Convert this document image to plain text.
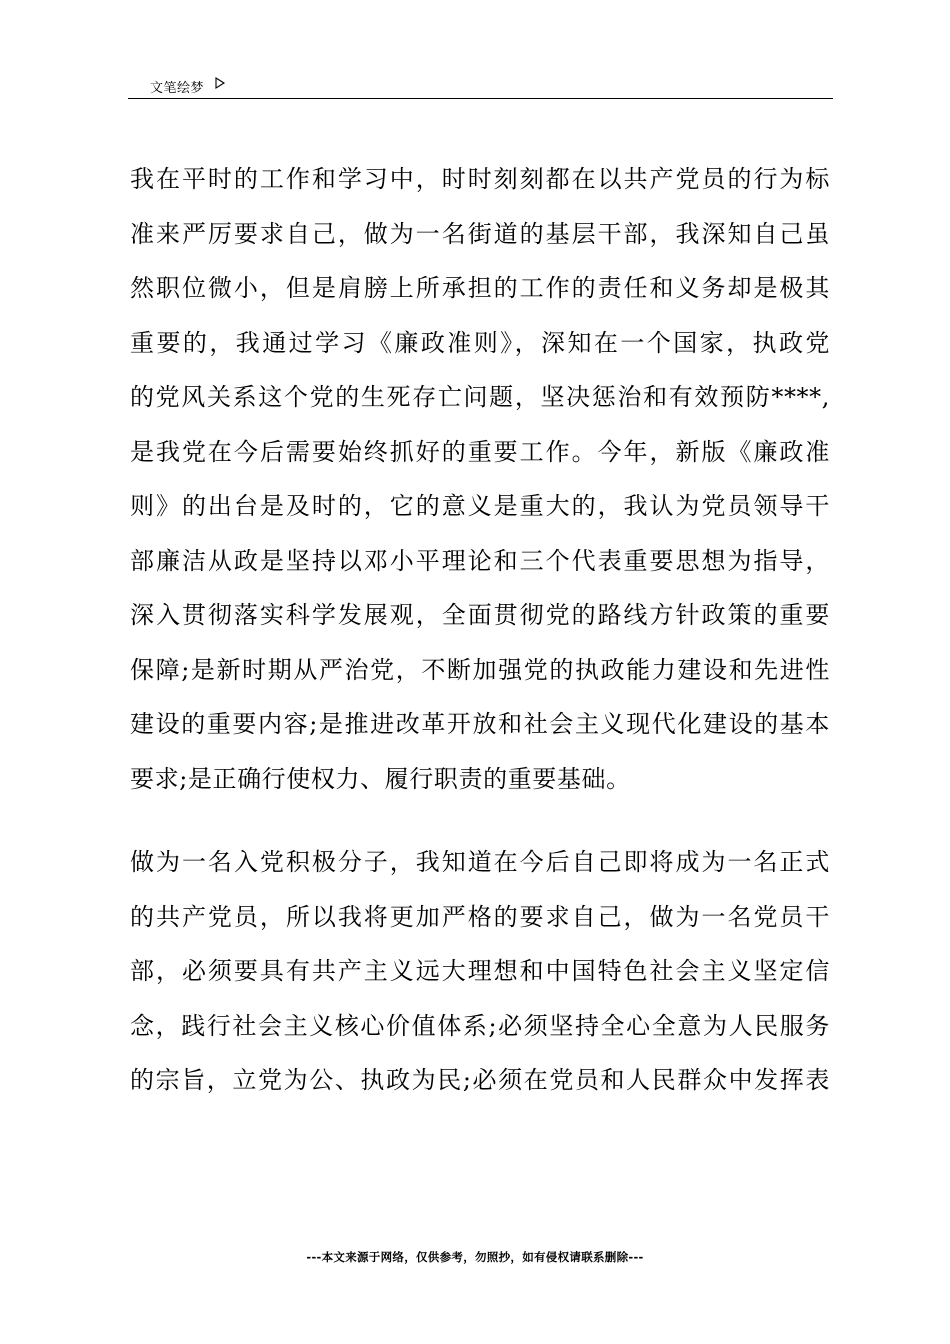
文笔绘梦
我在平时的工作和学习中，时时刻刻都在以共产党员的行为标
准来严厉要求自己，做为一名街道的基层干部，我深知自己虽
然职位微小，但是肩膀上所承担的工作的责任和义务却是极其
重要的，我通过学习《廉政准则》，深知在一个国家，执政党
的党风关系这个党的生死存亡问题，坚决惩治和有效预防****,
是我党在今后需要始终抓好的重要工作。今年，新版《廉政准
则》的出台是及时的，它的意义是重大的，我认为党员领导干
部廉洁从政是坚持以邓小平理论和三个代表重要思想为指导，
深入贯彻落实科学发展观，全面贯彻党的路线方针政策的重要
保障;是新时期从严治党，不断加强党的执政能力建设和先进性
建设的重要内容;是推进改革开放和社会主义现代化建设的基本
要求;是正确行使权力、履行职责的重要基础。
做为一名入党积极分子，我知道在今后自己即将成为一名正式
的共产党员，所以我将更加严格的要求自己，做为一名党员干
部，必须要具有共产主义远大理想和中国特色社会主义坚定信
念，践行社会主义核心价值体系;必须坚持全心全意为人民服务
的宗旨，立党为公、执政为民;必须在党员和人民群众中发挥表
---本文来源于网络，仅供参考，勿照抄，如有侵权请联系删除---
